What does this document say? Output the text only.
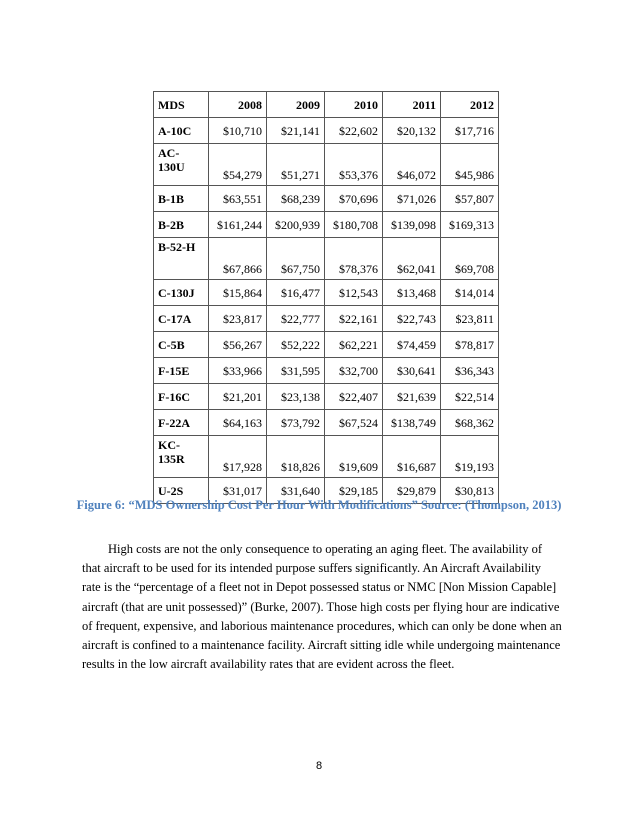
MDS	2008	2009	2010	2011	2012
A-10C	$10,710	$21,141	$22,602	$20,132	$17,716
AC-130U	$54,279	$51,271	$53,376	$46,072	$45,986
B-1B	$63,551	$68,239	$70,696	$71,026	$57,807
B-2B	$161,244	$200,939	$180,708	$139,098	$169,313
B-52-H	$67,866	$67,750	$78,376	$62,041	$69,708
C-130J	$15,864	$16,477	$12,543	$13,468	$14,014
C-17A	$23,817	$22,777	$22,161	$22,743	$23,811
C-5B	$56,267	$52,222	$62,221	$74,459	$78,817
F-15E	$33,966	$31,595	$32,700	$30,641	$36,343
F-16C	$21,201	$23,138	$22,407	$21,639	$22,514
F-22A	$64,163	$73,792	$67,524	$138,749	$68,362
KC-135R	$17,928	$18,826	$19,609	$16,687	$19,193
U-2S	$31,017	$31,640	$29,185	$29,879	$30,813
Figure 6: “MDS Ownership Cost Per Hour With Modifications” Source: (Thompson, 2013)

High costs are not the only consequence to operating an aging fleet. The availability of that aircraft to be used for its intended purpose suffers significantly. An Aircraft Availability rate is the “percentage of a fleet not in Depot possessed status or NMC [Non Mission Capable] aircraft (that are unit possessed)” (Burke, 2007). Those high costs per flying hour are indicative of frequent, expensive, and laborious maintenance procedures, which can only be done when an aircraft is confined to a maintenance facility. Aircraft sitting idle while undergoing maintenance results in the low aircraft availability rates that are evident across the fleet.

8
